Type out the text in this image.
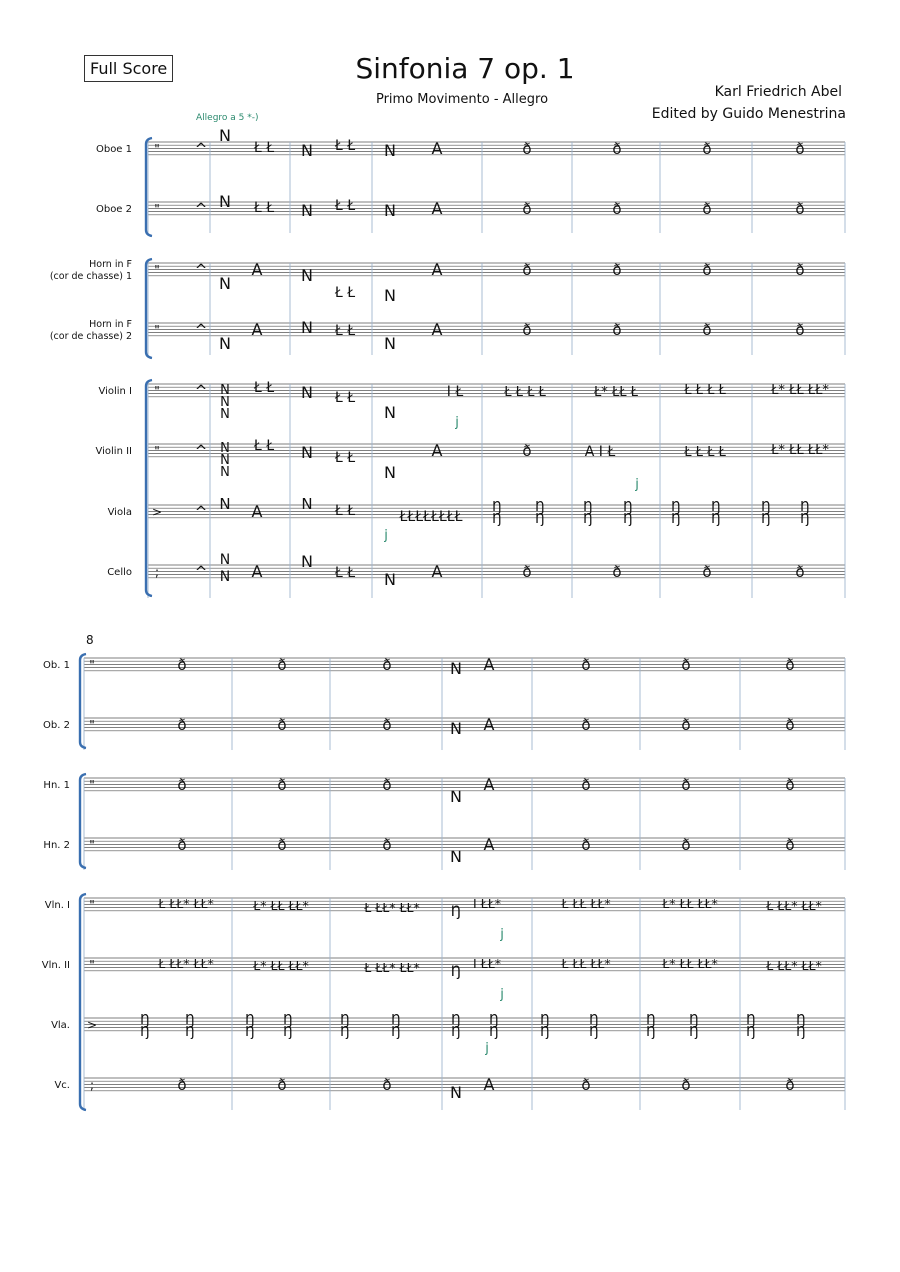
Full Score	Sinfonia 7 op. 1
Primo Movimento - Allegro	Karl Friedrich Abel
Edited by Guido Menestrina
Allegro a 5 *-)
8
Oboe 1 "
Oboe 2 "
Horn in F
(cor de chasse) 1 "
Horn in F
(cor de chasse) 2 "
Violin I "
Violin II "
Viola >
Cello ;
^
^
^
^
^
^
^
^
N
Ł Ł N Ł Ł N A	ð	ð	ð	ð
N Ł Ł N Ł Ł N A	ð	ð	ð	ð
N
A N
Ł Ł N
A	ð	ð	ð	ð
N
A N Ł Ł
N
A	ð	ð	ð	ð
N
N
N
Ł Ł N Ł Ł
N
I Ł
j
Ł Ł Ł Ł	Ł* ŁŁ Ł	Ł Ł Ł Ł	Ł* ŁŁ ŁŁ*
N
N
N
Ł Ł N Ł Ł
N
A	ð	A I Ł
j
Ł Ł Ł Ł	Ł* ŁŁ ŁŁ*
N A	N Ł Ł	ŁŁŁŁŁŁŁŁ
j
Ŋ
Ŋ
Ŋ
Ŋ
Ŋ
Ŋ
Ŋ
Ŋ
Ŋ
Ŋ
Ŋ
Ŋ
Ŋ
Ŋ
Ŋ
Ŋ
N
N A
N
Ł Ł N A	ð	ð	ð	ð
Ob. 1 "
Ob. 2 "
Hn. 1 "
Hn. 2 "
Vln. I "
Vln. II "
Vla. >
Vc. ;
ð	ð	ð	N A	ð	ð	ð
ð	ð	ð	N A	ð	ð	ð
ð	ð	ð
N
A	ð	ð	ð
ð	ð	ð
N
A	ð	ð	ð
ð	ð	ð	N A	ð	ð	ð
Ł ŁŁ* ŁŁ*	Ł* ŁŁ ŁŁ*	Ł ŁŁ* ŁŁ* Ŋ
I ŁŁ*
j
Ł ŁŁ ŁŁ*	Ł* ŁŁ ŁŁ*	Ł ŁŁ* ŁŁ*
Ł ŁŁ* ŁŁ*	Ł* ŁŁ ŁŁ*	Ł ŁŁ* ŁŁ* Ŋ
I ŁŁ*
j
Ł ŁŁ ŁŁ*	Ł* ŁŁ ŁŁ*	Ł ŁŁ* ŁŁ*
Ŋ
Ŋ
Ŋ
Ŋ
Ŋ
Ŋ
Ŋ
Ŋ
Ŋ
Ŋ
Ŋ
Ŋ
Ŋ
Ŋ
Ŋ
Ŋ
Ŋ
Ŋ
Ŋ
Ŋ
Ŋ
Ŋ
Ŋ
Ŋ
Ŋ
Ŋ
Ŋ
Ŋ
j
